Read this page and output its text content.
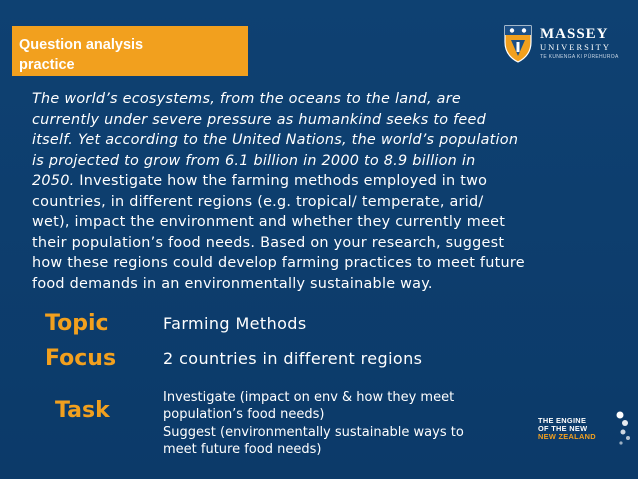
Question analysis
practice
MASSEY
UNIVERSITY
TE KUNENGA KI PŪREHUROA
The world’s ecosystems, from the oceans to the land, are
currently under severe pressure as humankind seeks to feed
itself. Yet according to the United Nations, the world’s population
is projected to grow from 6.1 billion in 2000 to 8.9 billion in
2050. Investigate how the farming methods employed in two
countries, in different regions (e.g. tropical/ temperate, arid/
wet), impact the environment and whether they currently meet
their population’s food needs. Based on your research, suggest
how these regions could develop farming practices to meet future
food demands in an environmentally sustainable way.
Topic	Farming Methods
Focus	2 countries in different regions
Task
Investigate (impact on env & how they meet
population’s food needs)
Suggest (environmentally sustainable ways to
meet future food needs)
THE ENGINE
OF THE NEW
NEW ZEALAND
